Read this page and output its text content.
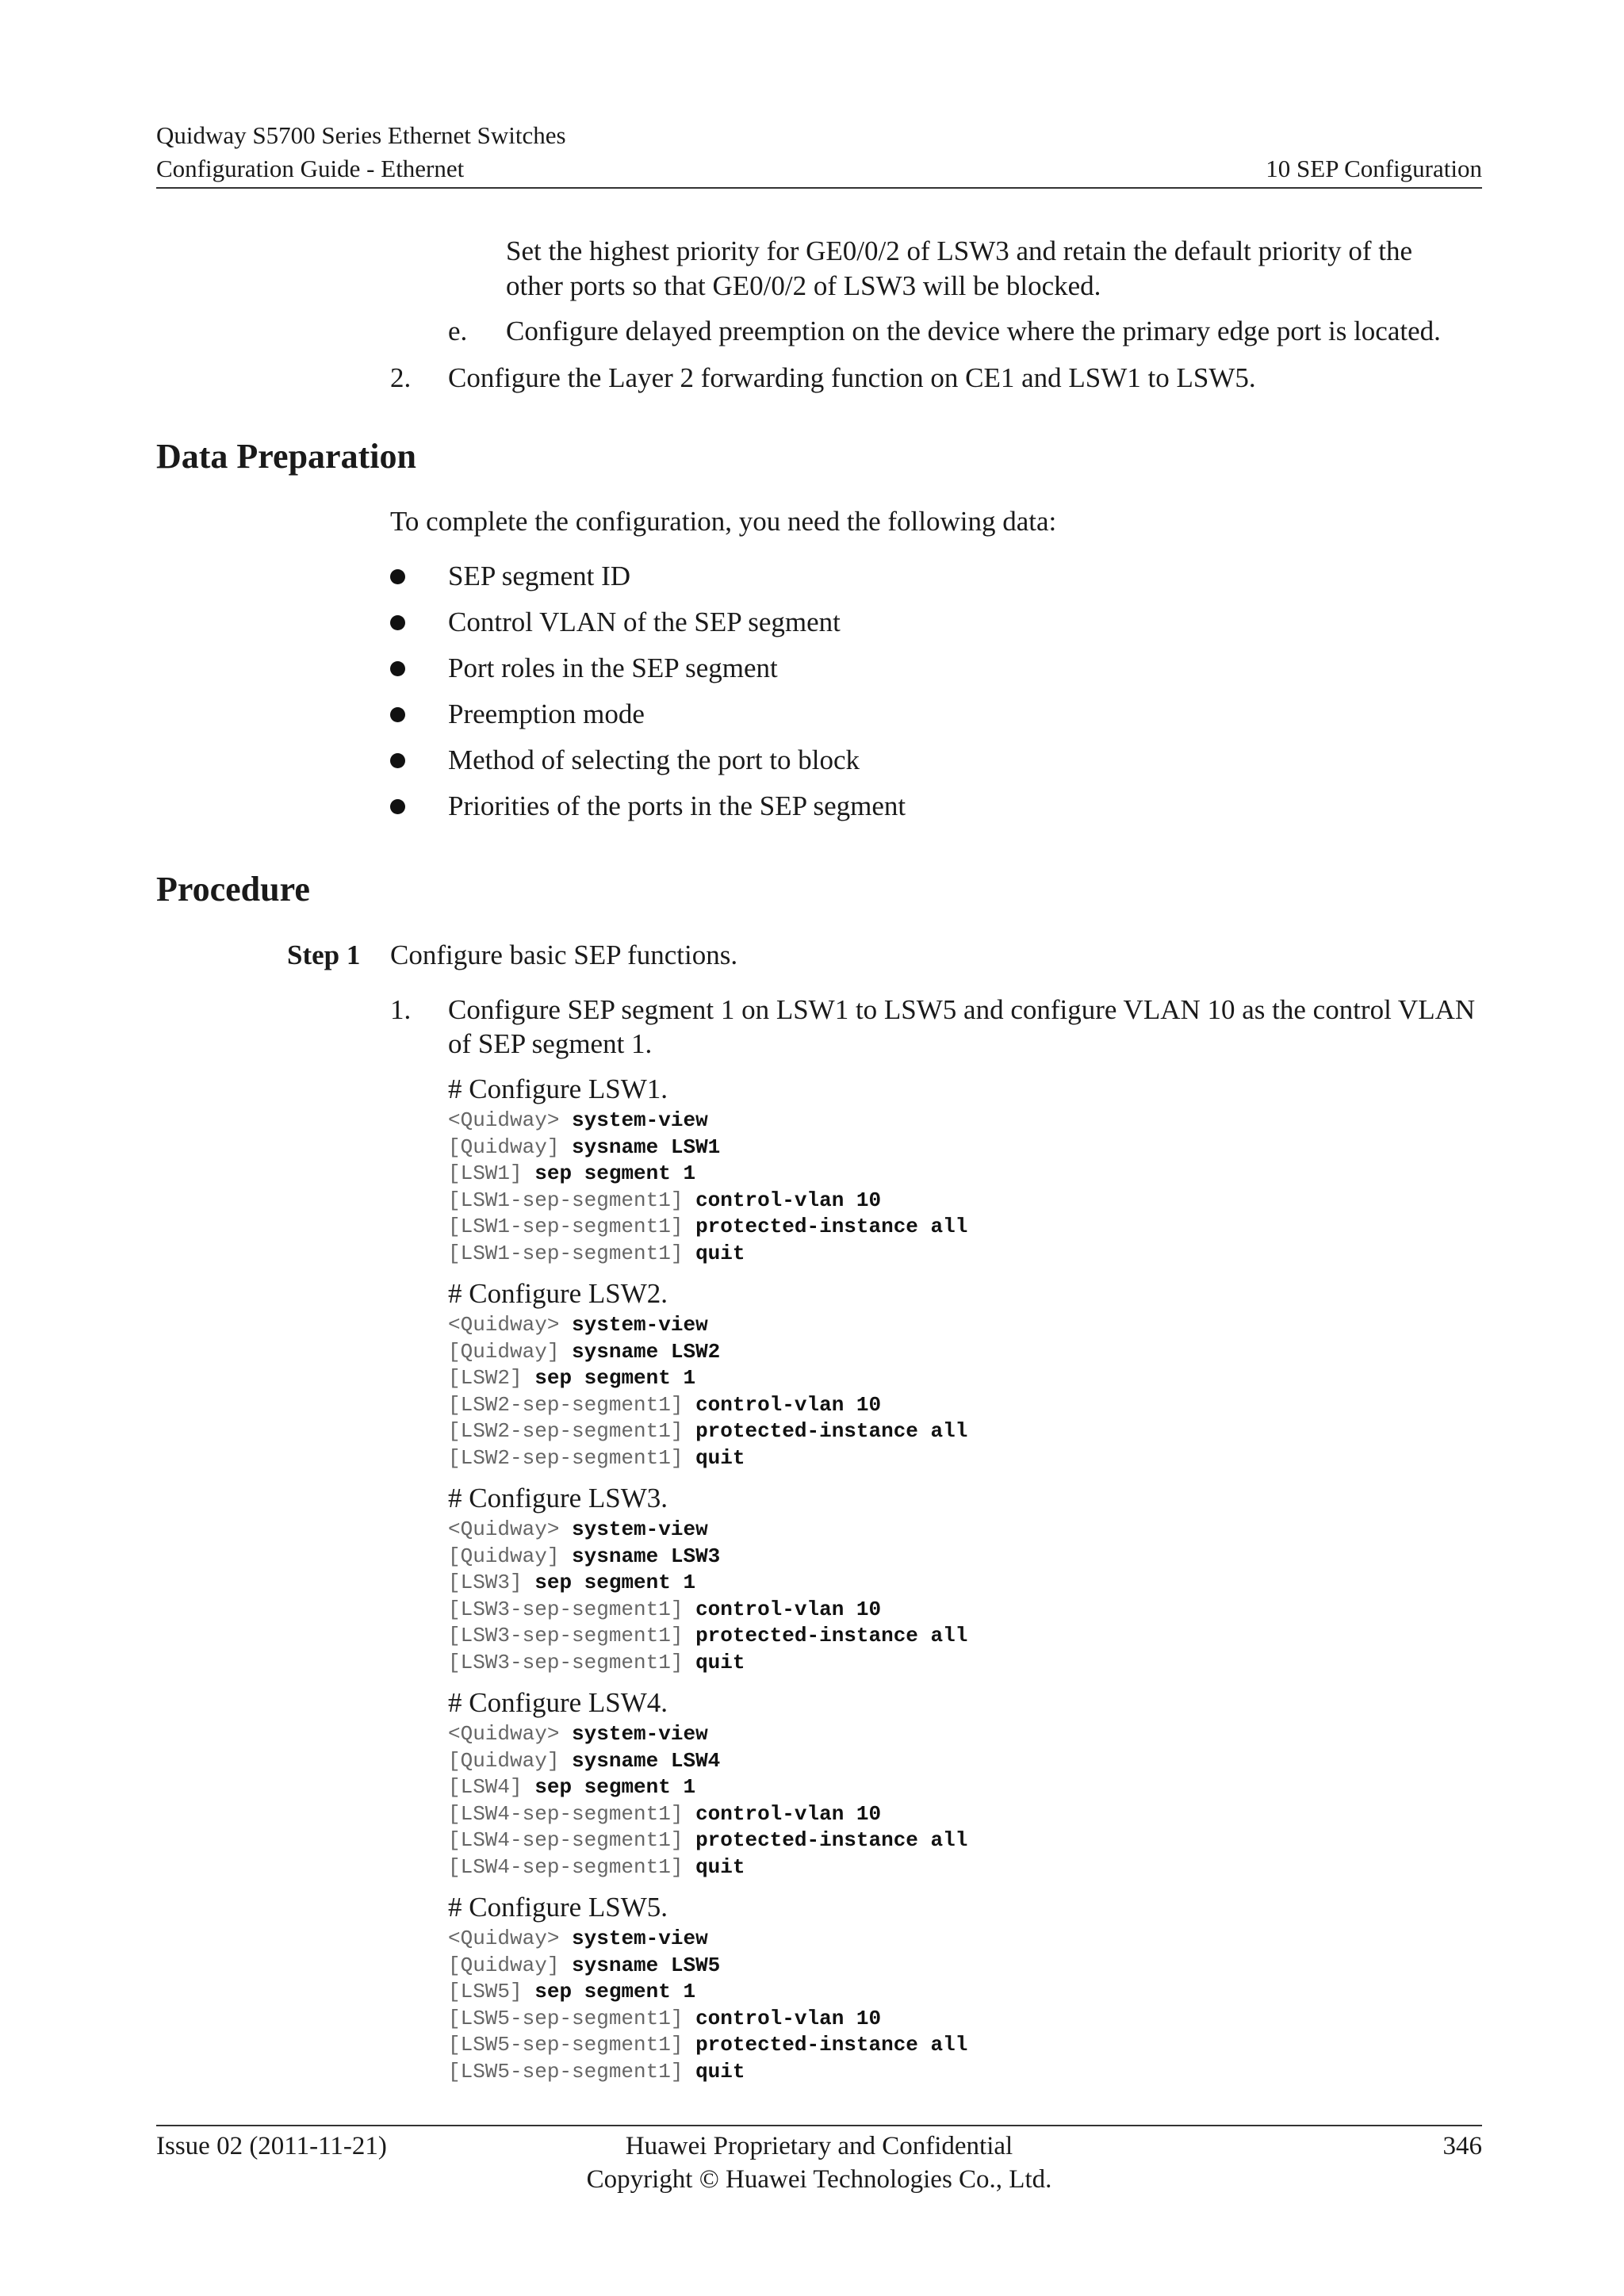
Quidway S5700 Series Ethernet Switches
Configuration Guide - Ethernet	10 SEP Configuration
Set the highest priority for GE0/0/2 of LSW3 and retain the default priority of the
other ports so that GE0/0/2 of LSW3 will be blocked.
e. Configure delayed preemption on the device where the primary edge port is located.
2. Configure the Layer 2 forwarding function on CE1 and LSW1 to LSW5.
Data Preparation
To complete the configuration, you need the following data:
SEP segment ID
Control VLAN of the SEP segment
Port roles in the SEP segment
Preemption mode
Method of selecting the port to block
Priorities of the ports in the SEP segment
Procedure
Step 1 Configure basic SEP functions.
1. Configure SEP segment 1 on LSW1 to LSW5 and configure VLAN 10 as the control VLAN
of SEP segment 1.
# Configure LSW1.
<Quidway> system-view
[Quidway] sysname LSW1
[LSW1] sep segment 1
[LSW1-sep-segment1] control-vlan 10
[LSW1-sep-segment1] protected-instance all
[LSW1-sep-segment1] quit
# Configure LSW2.
<Quidway> system-view
[Quidway] sysname LSW2
[LSW2] sep segment 1
[LSW2-sep-segment1] control-vlan 10
[LSW2-sep-segment1] protected-instance all
[LSW2-sep-segment1] quit
# Configure LSW3.
<Quidway> system-view
[Quidway] sysname LSW3
[LSW3] sep segment 1
[LSW3-sep-segment1] control-vlan 10
[LSW3-sep-segment1] protected-instance all
[LSW3-sep-segment1] quit
# Configure LSW4.
<Quidway> system-view
[Quidway] sysname LSW4
[LSW4] sep segment 1
[LSW4-sep-segment1] control-vlan 10
[LSW4-sep-segment1] protected-instance all
[LSW4-sep-segment1] quit
# Configure LSW5.
<Quidway> system-view
[Quidway] sysname LSW5
[LSW5] sep segment 1
[LSW5-sep-segment1] control-vlan 10
[LSW5-sep-segment1] protected-instance all
[LSW5-sep-segment1] quit
Issue 02 (2011-11-21)	Huawei Proprietary and Confidential
Copyright © Huawei Technologies Co., Ltd.
346
